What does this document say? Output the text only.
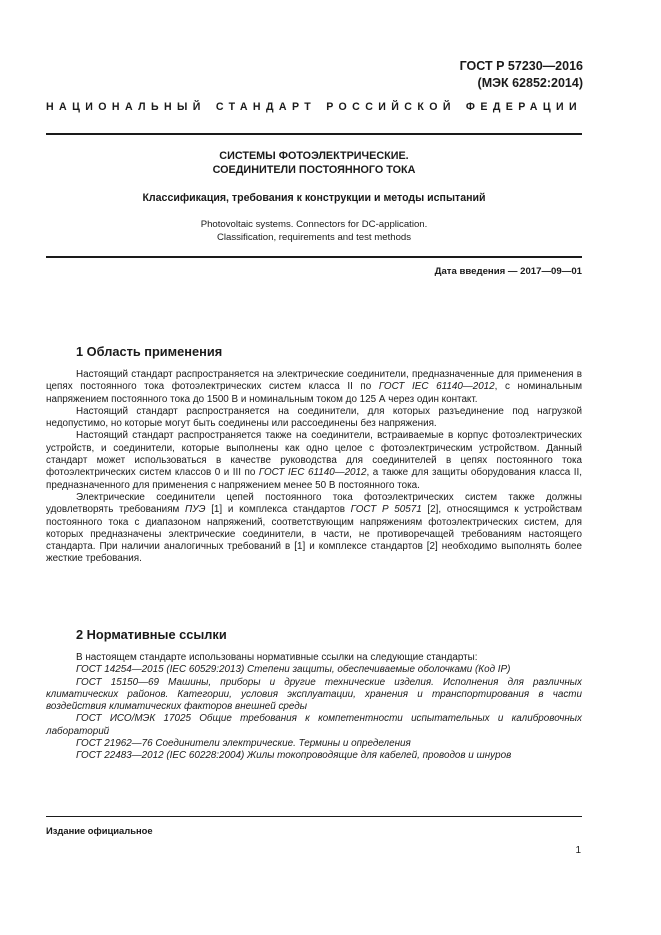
ГОСТ Р 57230—2016
(МЭК 62852:2014)
НАЦИОНАЛЬНЫЙ СТАНДАРТ РОССИЙСКОЙ ФЕДЕРАЦИИ
СИСТЕМЫ ФОТОЭЛЕКТРИЧЕСКИЕ.
СОЕДИНИТЕЛИ ПОСТОЯННОГО ТОКА
Классификация, требования к конструкции и методы испытаний
Photovoltaic systems. Connectors for DC-application.
Classification, requirements and test methods
Дата введения — 2017—09—01
1 Область применения

Настоящий стандарт распространяется на электрические соединители, предназначенные для применения в цепях постоянного тока фотоэлектрических систем класса II по ГОСТ IEC 61140—2012, с номинальным напряжением постоянного тока до 1500 В и номинальным током до 125 А через один контакт.

Настоящий стандарт распространяется на соединители, для которых разъединение под нагрузкой недопустимо, но которые могут быть соединены или рассоединены без напряжения.

Настоящий стандарт распространяется также на соединители, встраиваемые в корпус фотоэлектрических устройств, и соединители, которые выполнены как одно целое с фотоэлектрическим устройством. Данный стандарт может использоваться в качестве руководства для соединителей в цепях постоянного тока фотоэлектрических систем классов 0 и III по ГОСТ IEC 61140—2012, а также для защиты оборудования класса II, предназначенного для применения с напряжением менее 50 В постоянного тока.

Электрические соединители цепей постоянного тока фотоэлектрических систем также должны удовлетворять требованиям ПУЭ [1] и комплекса стандартов ГОСТ Р 50571 [2], относящимся к устройствам постоянного тока с диапазоном напряжений, соответствующим напряжениям фотоэлектрических систем, для которых предназначены электрические соединители, в части, не противоречащей требованиям настоящего стандарта. При наличии аналогичных требований в [1] и комплексе стандартов [2] необходимо выполнять более жесткие требования.

2 Нормативные ссылки

В настоящем стандарте использованы нормативные ссылки на следующие стандарты:

ГОСТ 14254—2015 (IEC 60529:2013) Степени защиты, обеспечиваемые оболочками (Код IP)

ГОСТ 15150—69 Машины, приборы и другие технические изделия. Исполнения для различных климатических районов. Категории, условия эксплуатации, хранения и транспортирования в части воздействия климатических факторов внешней среды

ГОСТ ИСО/МЭК 17025 Общие требования к компетентности испытательных и калибровочных лабораторий

ГОСТ 21962—76 Соединители электрические. Термины и определения

ГОСТ 22483—2012 (IEC 60228:2004) Жилы токопроводящие для кабелей, проводов и шнуров

Издание официальное
1
